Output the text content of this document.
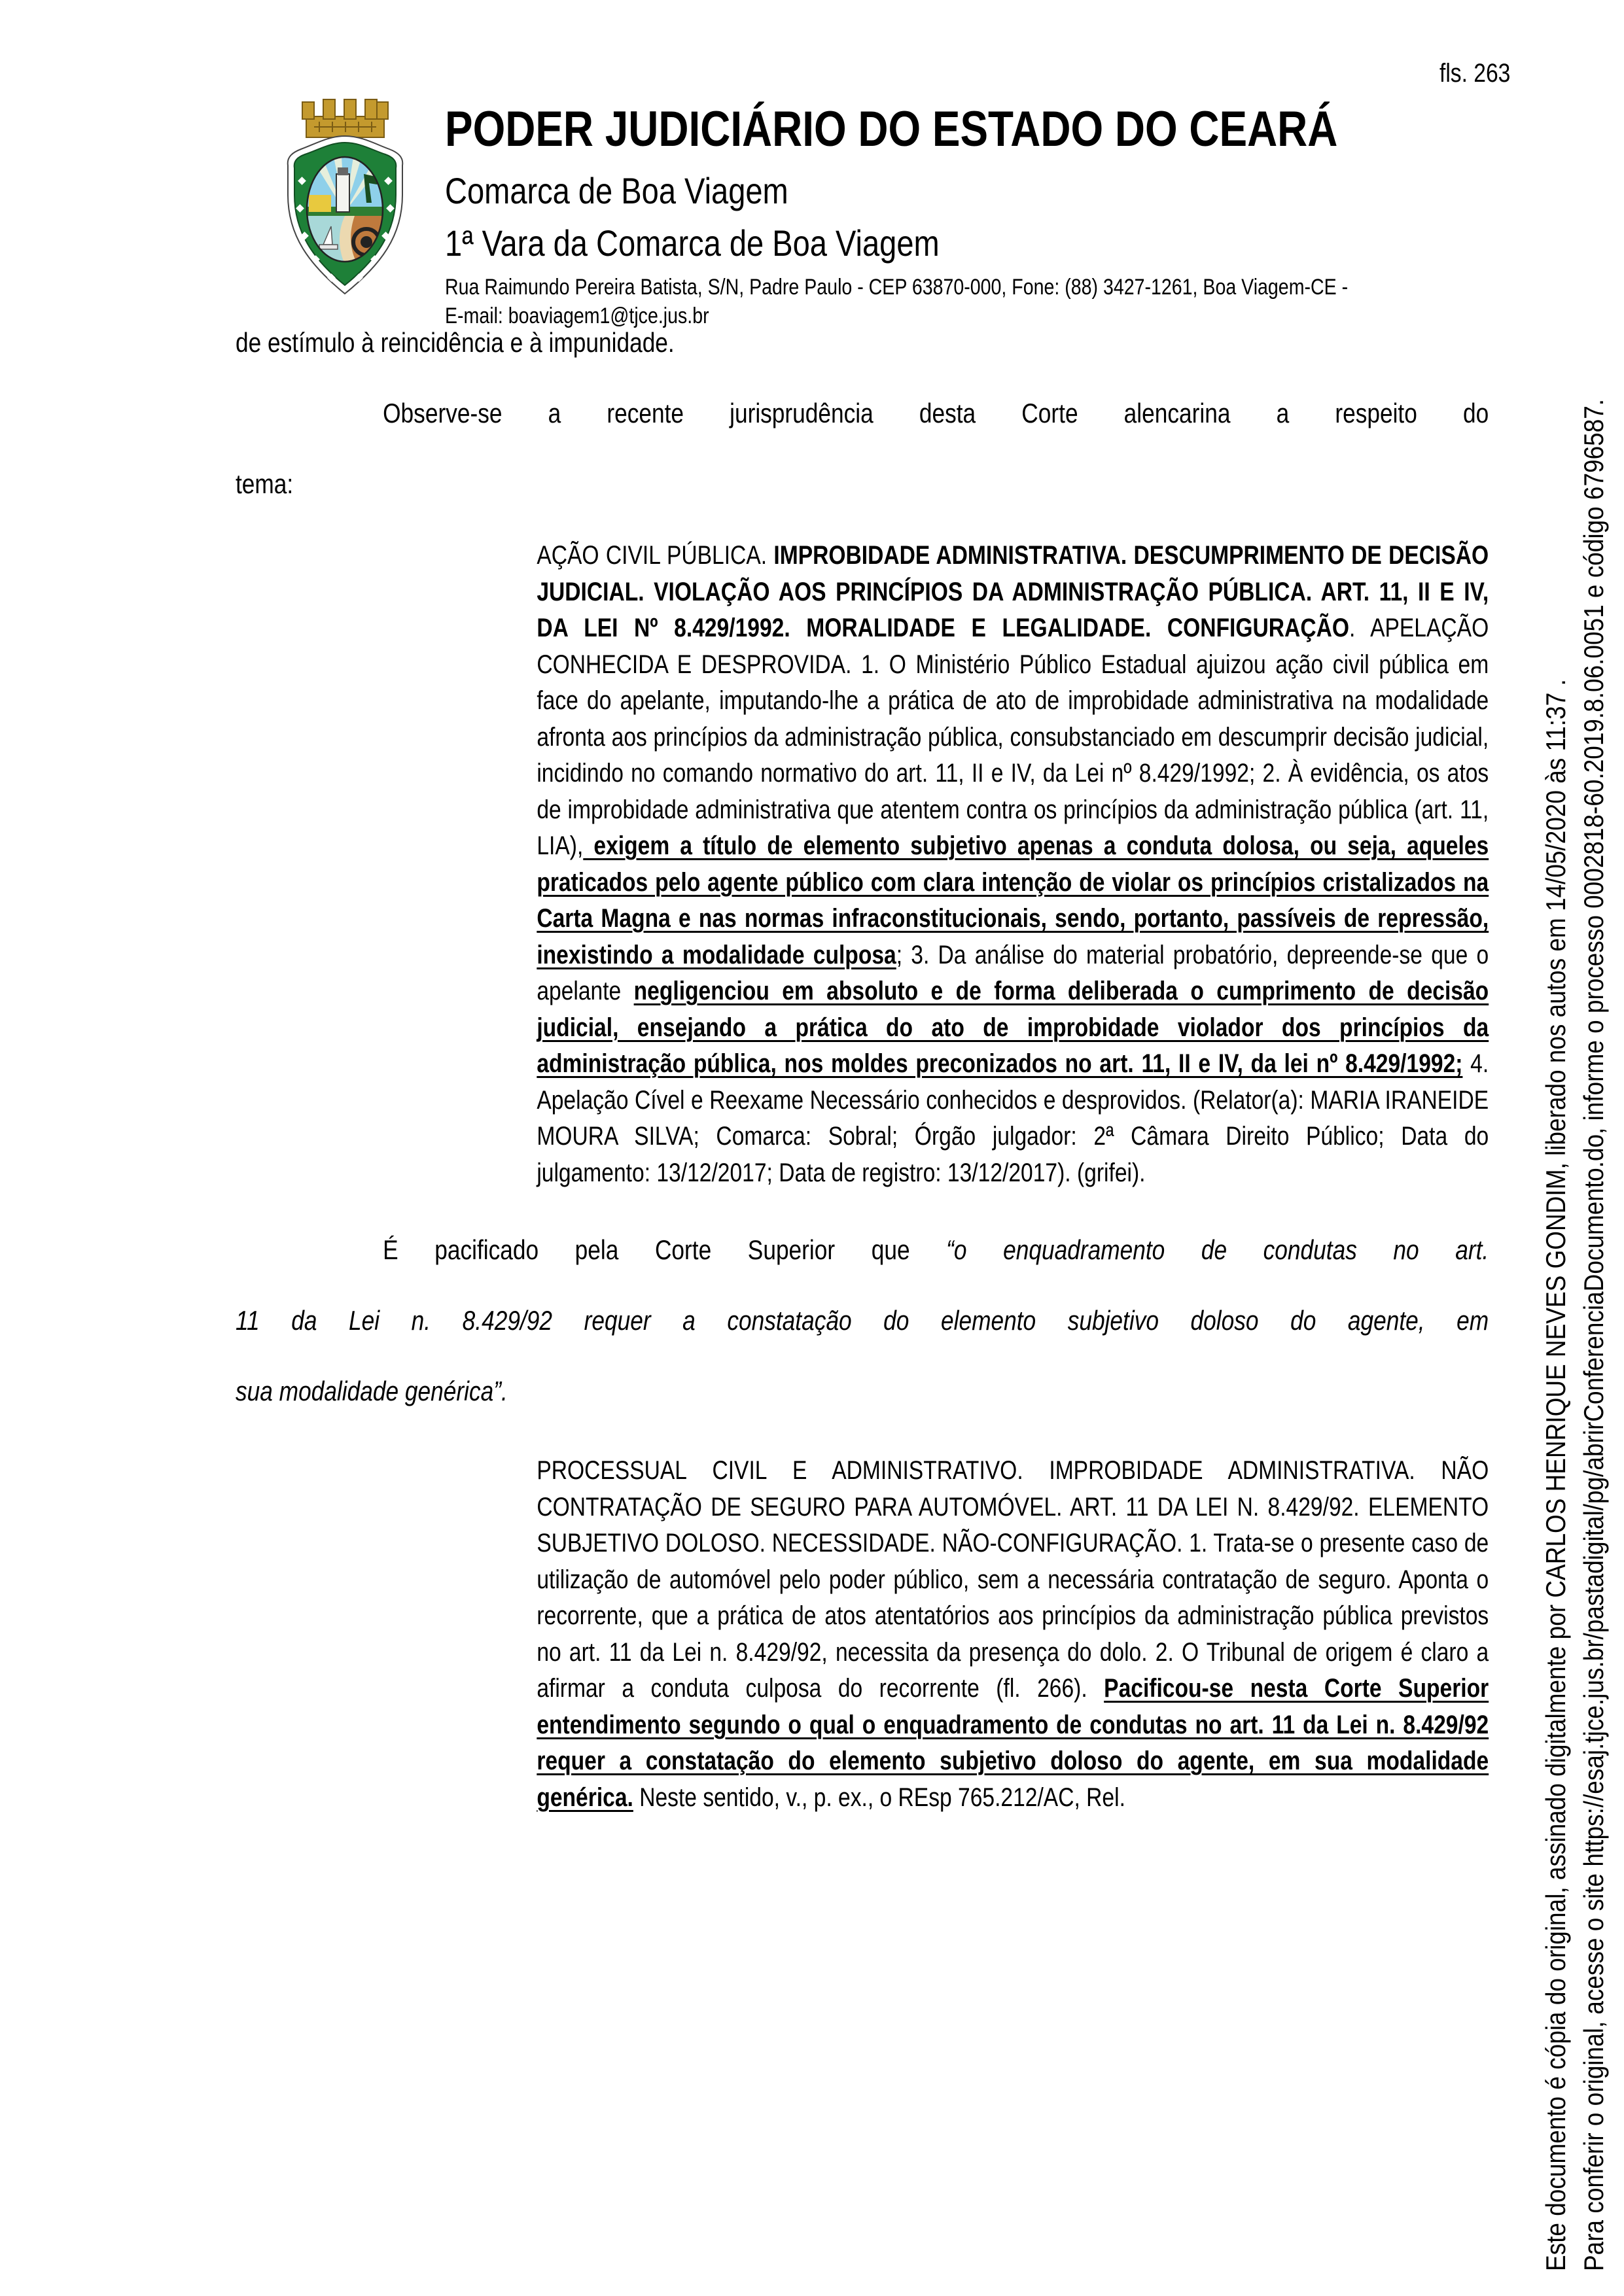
fls. 263
PODER JUDICIÁRIO DO ESTADO DO CEARÁ
Comarca de Boa Viagem
1ª Vara da Comarca de Boa Viagem
Rua Raimundo Pereira Batista, S/N, Padre Paulo - CEP 63870-000, Fone: (88) 3427-1261, Boa Viagem-CE -
E-mail: boaviagem1@tjce.jus.br
de estímulo à reincidência e à impunidade.
Observe-se a recente jurisprudência desta Corte alencarina a respeito do
tema:
AÇÃO CIVIL PÚBLICA. IMPROBIDADE ADMINISTRATIVA. DESCUMPRIMENTO DE DECISÃO JUDICIAL. VIOLAÇÃO AOS PRINCÍPIOS DA ADMINISTRAÇÃO PÚBLICA. ART. 11, II E IV, DA LEI Nº 8.429/1992. MORALIDADE E LEGALIDADE. CONFIGURAÇÃO. APELAÇÃO CONHECIDA E DESPROVIDA. 1. O Ministério Público Estadual ajuizou ação civil pública em face do apelante, imputando-lhe a prática de ato de improbidade administrativa na modalidade afronta aos princípios da administração pública, consubstanciado em descumprir decisão judicial, incidindo no comando normativo do art. 11, II e IV, da Lei nº 8.429/1992; 2. À evidência, os atos de improbidade administrativa que atentem contra os princípios da administração pública (art. 11, LIA), exigem a título de elemento subjetivo apenas a conduta dolosa, ou seja, aqueles praticados pelo agente público com clara intenção de violar os princípios cristalizados na Carta Magna e nas normas infraconstitucionais, sendo, portanto, passíveis de repressão, inexistindo a modalidade culposa; 3. Da análise do material probatório, depreende-se que o apelante negligenciou em absoluto e de forma deliberada o cumprimento de decisão judicial, ensejando a prática do ato de improbidade violador dos princípios da administração pública, nos moldes preconizados no art. 11, II e IV, da lei nº 8.429/1992; 4. Apelação Cível e Reexame Necessário conhecidos e desprovidos. (Relator(a): MARIA IRANEIDE MOURA SILVA; Comarca: Sobral; Órgão julgador: 2ª Câmara Direito Público; Data do julgamento: 13/12/2017; Data de registro: 13/12/2017). (grifei).
É pacificado pela Corte Superior que “o enquadramento de condutas no art.
11 da Lei n. 8.429/92 requer a constatação do elemento subjetivo doloso do agente, em
sua modalidade genérica”.
PROCESSUAL CIVIL E ADMINISTRATIVO. IMPROBIDADE ADMINISTRATIVA. NÃO CONTRATAÇÃO DE SEGURO PARA AUTOMÓVEL. ART. 11 DA LEI N. 8.429/92. ELEMENTO SUBJETIVO DOLOSO. NECESSIDADE. NÃO-CONFIGURAÇÃO. 1. Trata-se o presente caso de utilização de automóvel pelo poder público, sem a necessária contratação de seguro. Aponta o recorrente, que a prática de atos atentatórios aos princípios da administração pública previstos no art. 11 da Lei n. 8.429/92, necessita da presença do dolo. 2. O Tribunal de origem é claro a afirmar a conduta culposa do recorrente (fl. 266). Pacificou-se nesta Corte Superior entendimento segundo o qual o enquadramento de condutas no art. 11 da Lei n. 8.429/92 requer a constatação do elemento subjetivo doloso do agente, em sua modalidade genérica. Neste sentido, v., p. ex., o REsp 765.212/AC, Rel.	Este documento é cópia do original, assinado digitalmente por CARLOS HENRIQUE NEVES GONDIM, liberado nos autos em 14/05/2020 às 11:37 . Para conferir o original, acesse o site https://esaj.tjce.jus.br/pastadigital/pg/abrirConferenciaDocumento.do, informe o processo 0002818-60.2019.8.06.0051 e código 6796587.
